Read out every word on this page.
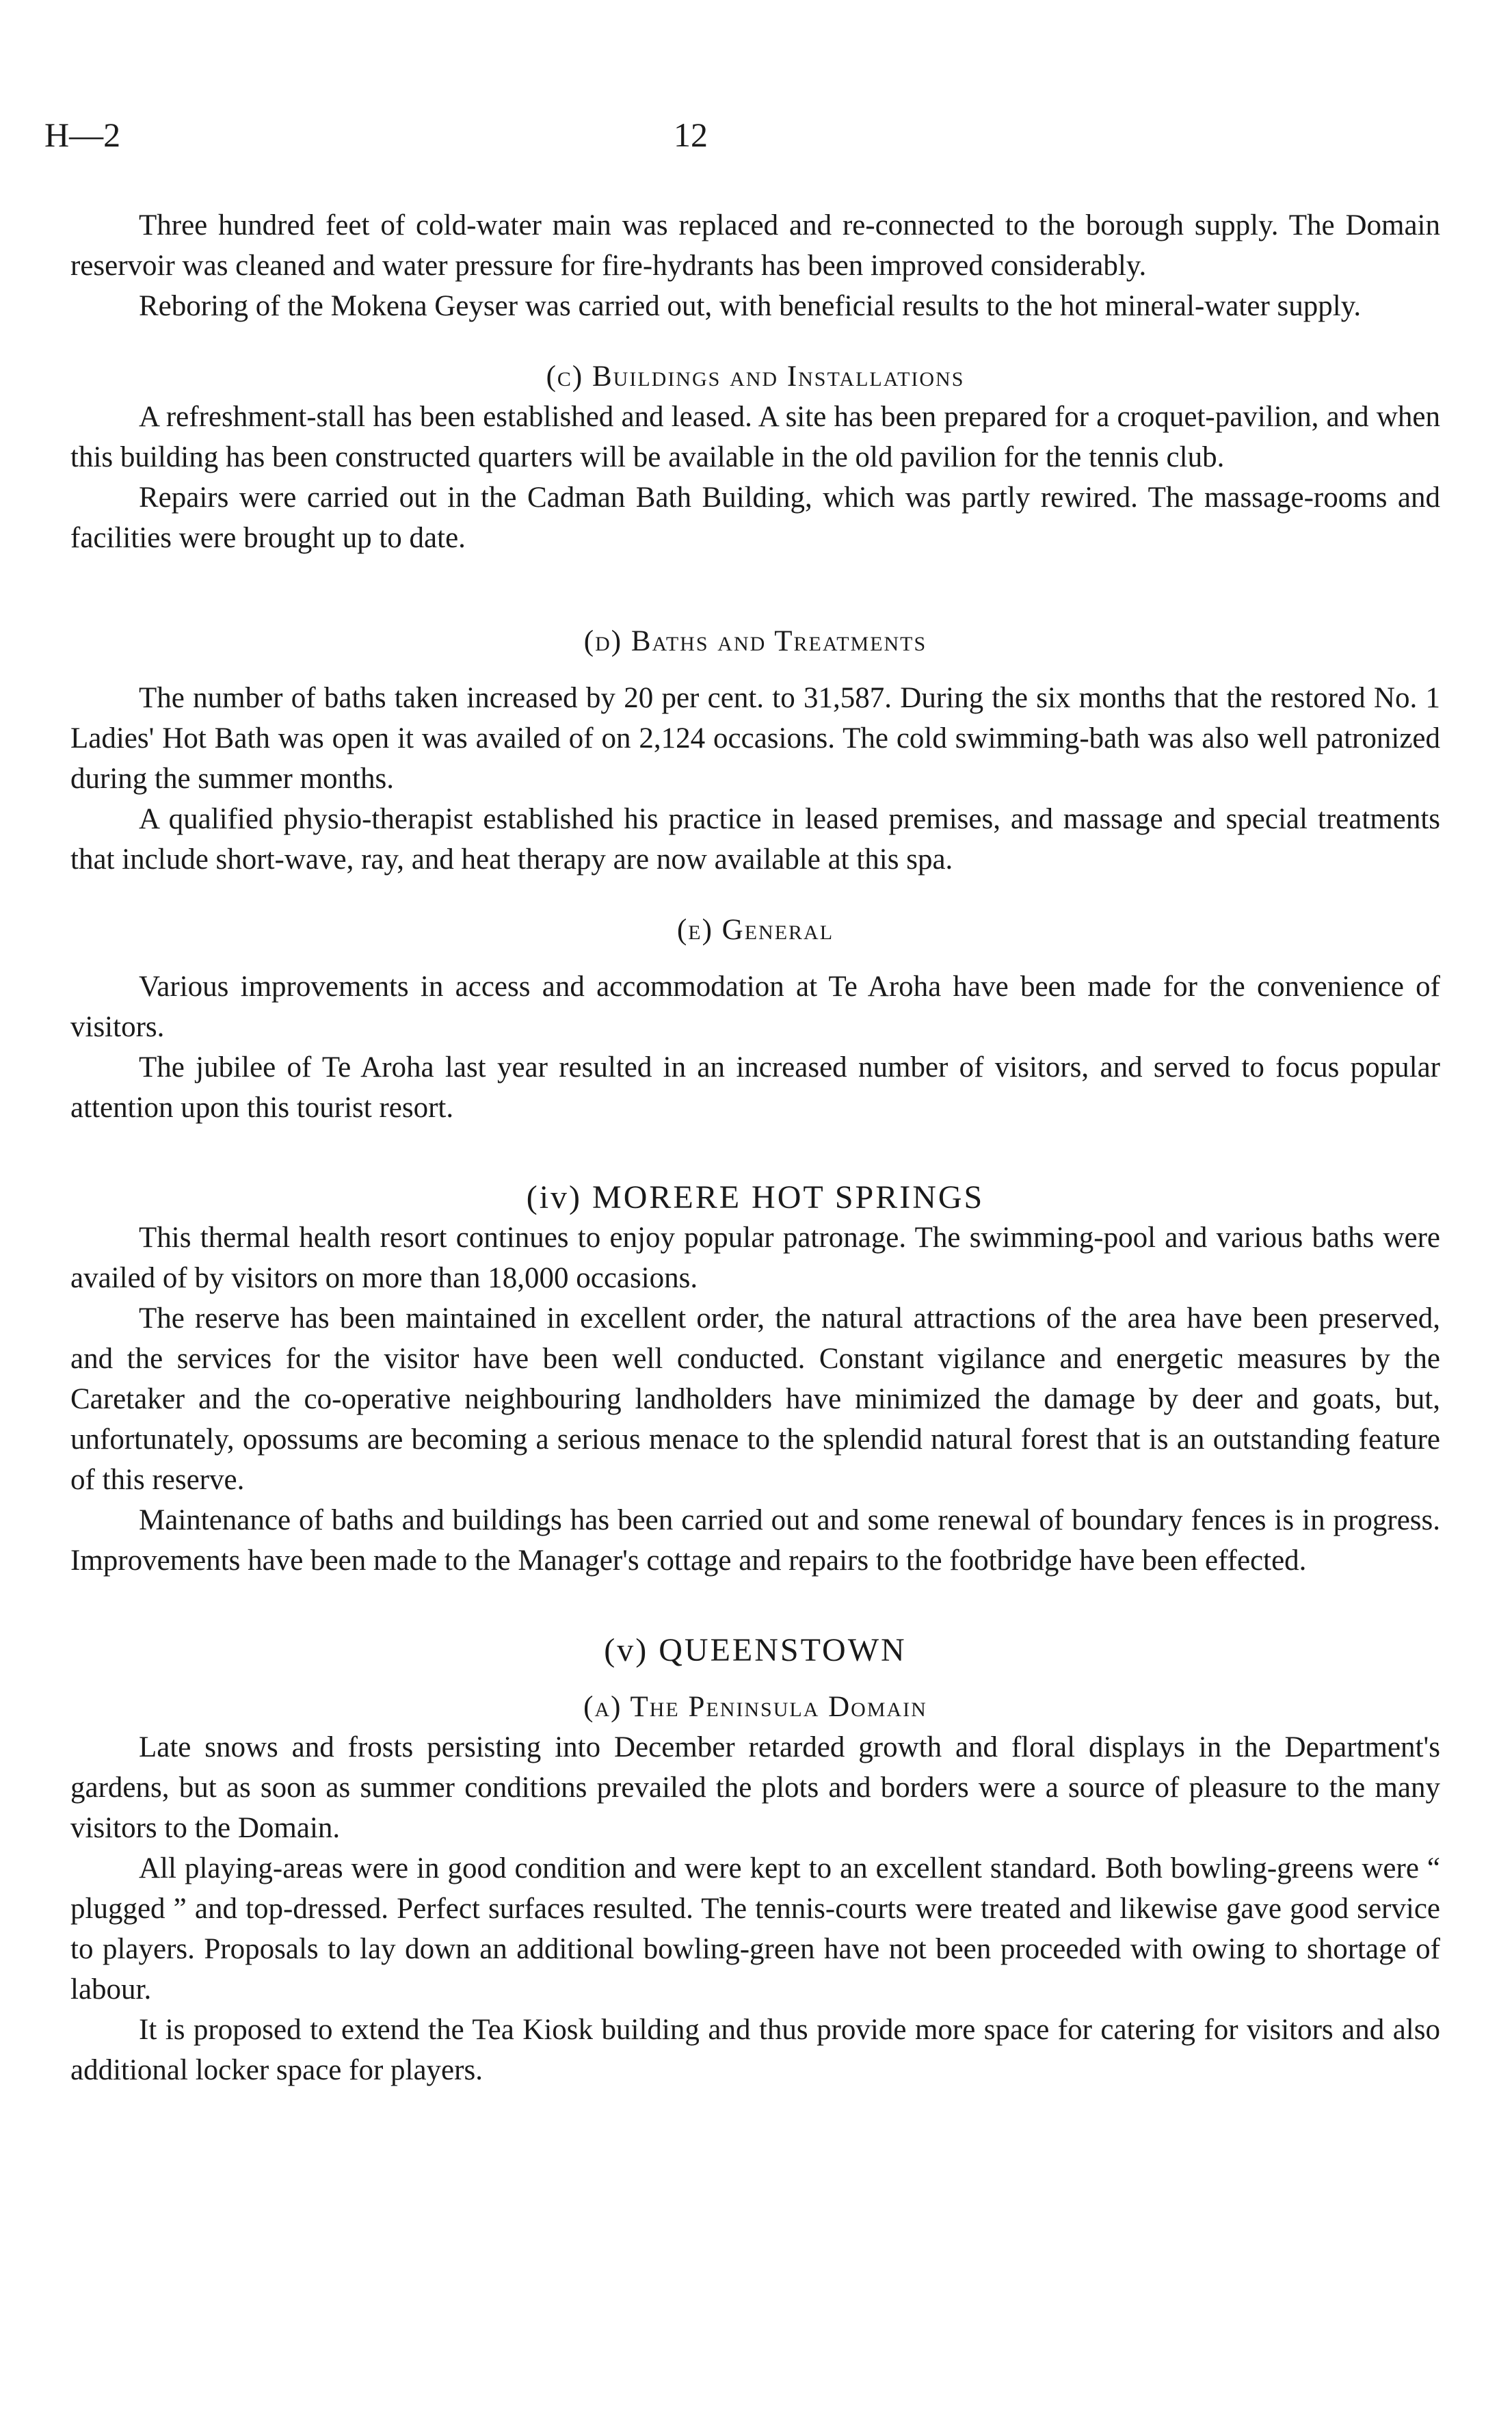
H—2	12

Three hundred feet of cold-water main was replaced and re-connected to the borough supply. The Domain reservoir was cleaned and water pressure for fire-hydrants has been improved considerably.

Reboring of the Mokena Geyser was carried out, with beneficial results to the hot mineral-water supply.

(c) Buildings and Installations

A refreshment-stall has been established and leased. A site has been prepared for a croquet-pavilion, and when this building has been constructed quarters will be available in the old pavilion for the tennis club.

Repairs were carried out in the Cadman Bath Building, which was partly rewired. The massage-rooms and facilities were brought up to date.

(d) Baths and Treatments

The number of baths taken increased by 20 per cent. to 31,587. During the six months that the restored No. 1 Ladies' Hot Bath was open it was availed of on 2,124 occasions. The cold swimming-bath was also well patronized during the summer months.

A qualified physio-therapist established his practice in leased premises, and massage and special treatments that include short-wave, ray, and heat therapy are now available at this spa.

(e) General

Various improvements in access and accommodation at Te Aroha have been made for the convenience of visitors.

The jubilee of Te Aroha last year resulted in an increased number of visitors, and served to focus popular attention upon this tourist resort.

(iv) MORERE HOT SPRINGS

This thermal health resort continues to enjoy popular patronage. The swimming-pool and various baths were availed of by visitors on more than 18,000 occasions.

The reserve has been maintained in excellent order, the natural attractions of the area have been preserved, and the services for the visitor have been well conducted. Constant vigilance and energetic measures by the Caretaker and the co-operative neighbouring landholders have minimized the damage by deer and goats, but, unfortunately, opossums are becoming a serious menace to the splendid natural forest that is an outstanding feature of this reserve.

Maintenance of baths and buildings has been carried out and some renewal of boundary fences is in progress. Improvements have been made to the Manager's cottage and repairs to the footbridge have been effected.

(v) QUEENSTOWN

(a) The Peninsula Domain

Late snows and frosts persisting into December retarded growth and floral displays in the Department's gardens, but as soon as summer conditions prevailed the plots and borders were a source of pleasure to the many visitors to the Domain.

All playing-areas were in good condition and were kept to an excellent standard. Both bowling-greens were “ plugged ” and top-dressed. Perfect surfaces resulted. The tennis-courts were treated and likewise gave good service to players. Proposals to lay down an additional bowling-green have not been proceeded with owing to shortage of labour.

It is proposed to extend the Tea Kiosk building and thus provide more space for catering for visitors and also additional locker space for players.
